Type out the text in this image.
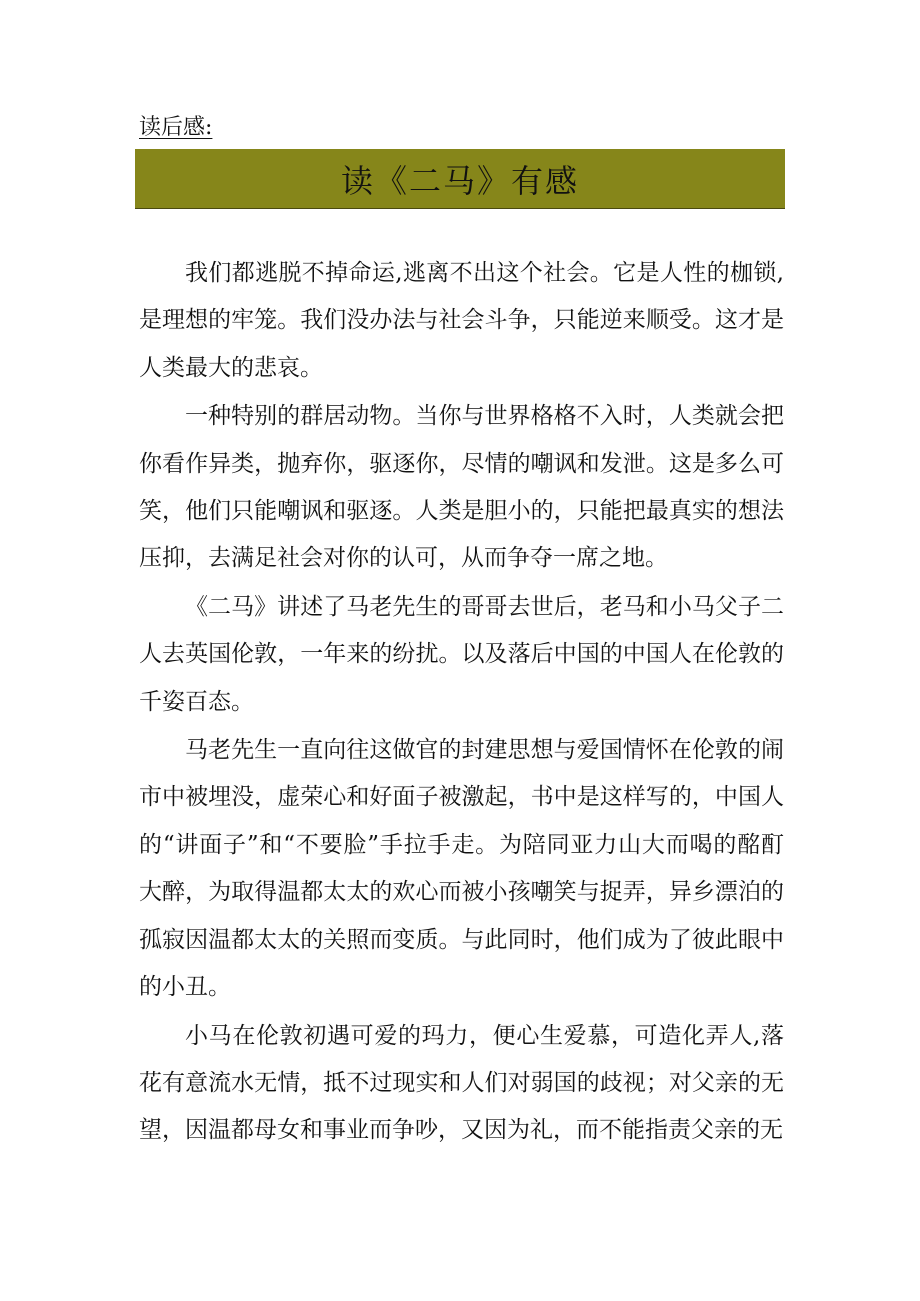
读后感:
读《二马》有感

我们都逃脱不掉命运,逃离不出这个社会。它是人性的枷锁,是理想的牢笼。我们没办法与社会斗争，只能逆来顺受。这才是人类最大的悲哀。

一种特别的群居动物。当你与世界格格不入时，人类就会把你看作异类，抛弃你，驱逐你，尽情的嘲讽和发泄。这是多么可笑，他们只能嘲讽和驱逐。人类是胆小的，只能把最真实的想法压抑，去满足社会对你的认可，从而争夺一席之地。

《二马》讲述了马老先生的哥哥去世后，老马和小马父子二人去英国伦敦，一年来的纷扰。以及落后中国的中国人在伦敦的千姿百态。

马老先生一直向往这做官的封建思想与爱国情怀在伦敦的闹市中被埋没，虚荣心和好面子被激起，书中是这样写的，中国人的“讲面子”和“不要脸”手拉手走。为陪同亚力山大而喝的酩酊大醉，为取得温都太太的欢心而被小孩嘲笑与捉弄，异乡漂泊的孤寂因温都太太的关照而变质。与此同时，他们成为了彼此眼中的小丑。

小马在伦敦初遇可爱的玛力，便心生爱慕，可造化弄人,落花有意流水无情，抵不过现实和人们对弱国的歧视；对父亲的无望，因温都母女和事业而争吵，又因为礼，而不能指责父亲的无
